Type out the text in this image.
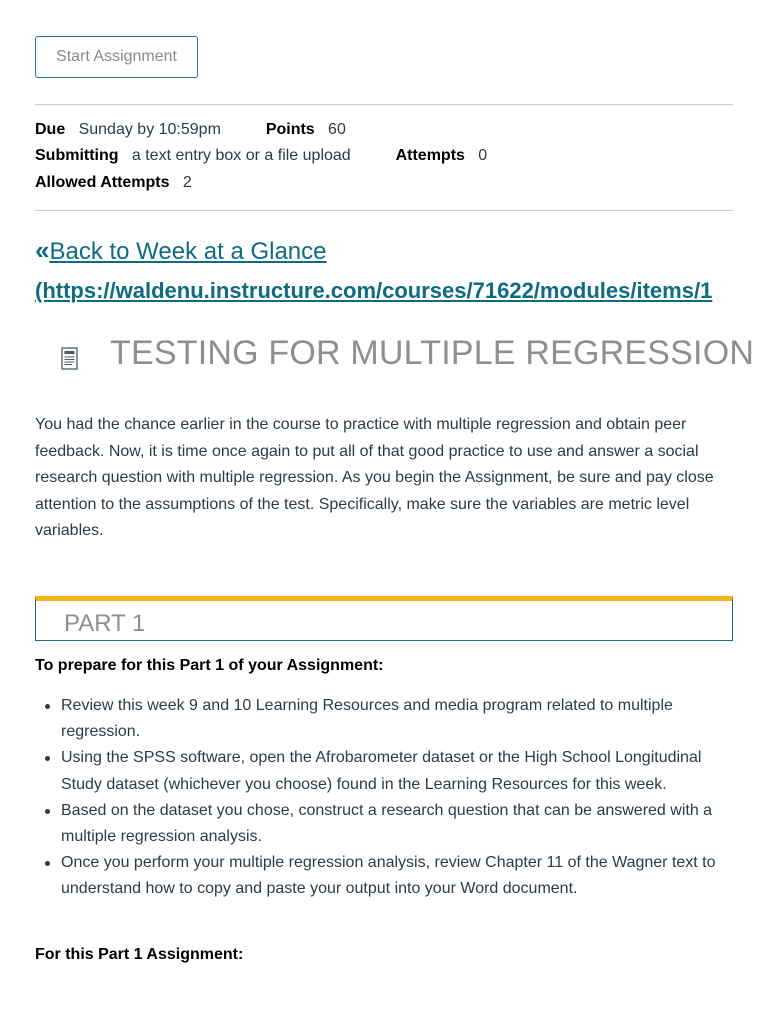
Start Assignment
Due Sunday by 10:59pm	Points 60
Submitting a text entry box or a file upload	Attempts 0
Allowed Attempts 2
« Back to Week at a Glance
(https://waldenu.instructure.com/courses/71622/modules/items/1
TESTING FOR MULTIPLE REGRESSION

You had the chance earlier in the course to practice with multiple regression and obtain peer feedback. Now, it is time once again to put all of that good practice to use and answer a social research question with multiple regression. As you begin the Assignment, be sure and pay close attention to the assumptions of the test. Specifically, make sure the variables are metric level variables.

PART 1
To prepare for this Part 1 of your Assignment:
Review this week 9 and 10 Learning Resources and media program related to multiple regression.
Using the SPSS software, open the Afrobarometer dataset or the High School Longitudinal Study dataset (whichever you choose) found in the Learning Resources for this week.
Based on the dataset you chose, construct a research question that can be answered with a multiple regression analysis.
Once you perform your multiple regression analysis, review Chapter 11 of the Wagner text to understand how to copy and paste your output into your Word document.
For this Part 1 Assignment:
